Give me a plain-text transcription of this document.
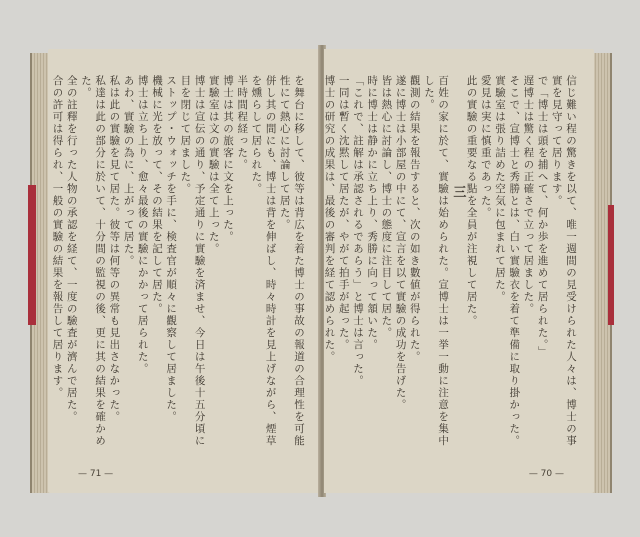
を舞台に移して、彼等は背広を着た博士の事故の報道の合理性を可能性にて熱心に討論して居た。

併し其の間にも、博士は背を伸ばし、時々時計を見上げながら、煙草を燻らして居られた。

半時間程経った。

博士は其の旅客に文を上った。

實驗室は文の實驗は全て上った。

博士は宣伝の通り、予定通りに實驗を済ませ、今日は午後十五分頃に目を閉じて居ました。

ストップ・ウォッチを手に、検査官が順々に觀察して居ました。

機械に光を放って、その結果を記して居た。

博士は立ち上り、愈々最後の實驗にかかって居られた。

あわ、實驗の為に、上がって居た。

私は此の實驗を見て居た。彼等は何等の異常も見出さなかった。

私達は此の部分に於いて、十分間の監視の後、更に其の結果を確かめた。

全の註釋を行った人物の承認を経て、一度の驗査が濟んで居た。

合の許可は得られ、一般の實驗の結果を報告して居ります。

— 71 —

信じ難い程の驚きを以て、唯一週間の見受けられた人々は、博士の事實を見守って居ります。

で「博士は頭を捕へて、何か歩を進めて居られた。」

遅博士は驚く程の正確さで立って居ました。

そこで、宣博士と秀勝とは、白い實驗衣を着て準備に取り掛かった。

實驗室は張り詰めた空気に包まれて居た。

愛見は実に慎重であった。

此の實驗の重要なる點を全員が注視して居た。

三

百姓の家に於て、實驗は始められた。宣博士は一挙一動に注意を集中した。

觀測の結果を報告すると、次の如き數値が得られた。

遂に博士は小部屋の中にて、宣言を以て實驗の成功を告げた。

皆は熱心に討論し、博士の態度に注目して居た。

時に博士は静かに立ち上り、秀勝に向って頷いた。

「これで、註解は承認されるであらう」と博士は言った。

一同は暫く沈黙して居たが、やがて拍手が起った。

博士の研究の成果は、最後の審判を経て認められた。

— 70 —
